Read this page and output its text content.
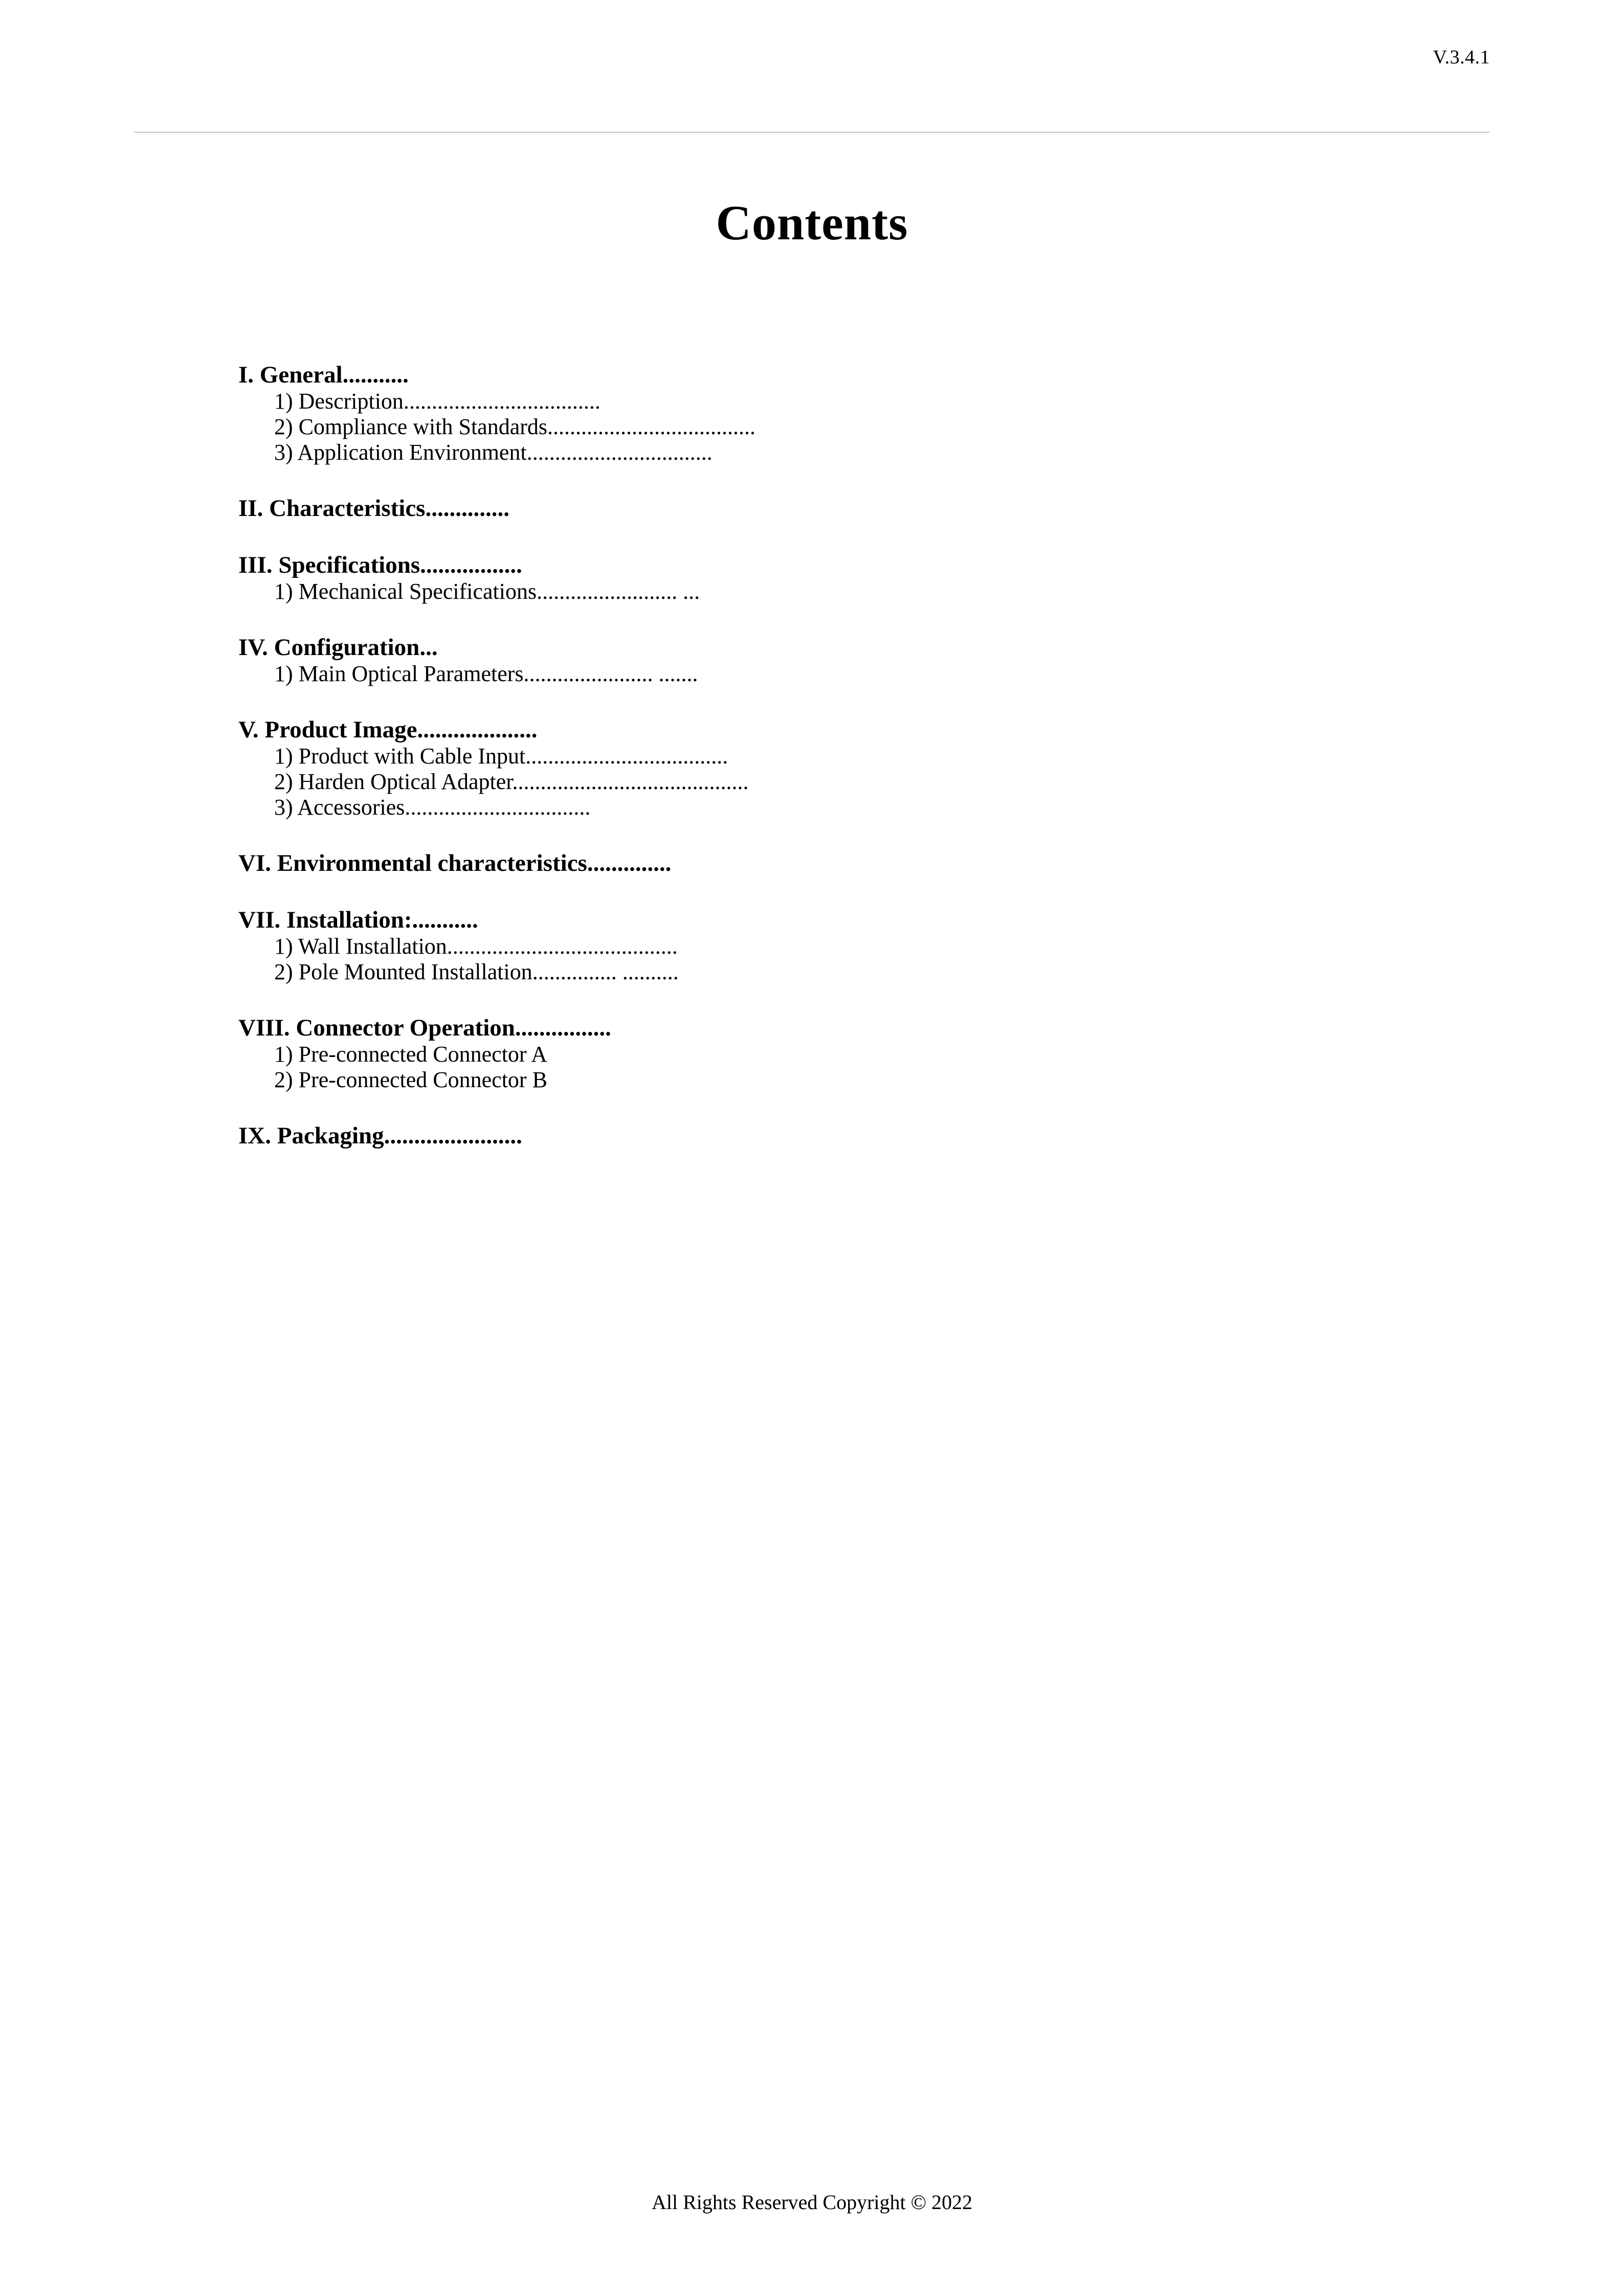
V.3.4.1
Contents
I. General...........
1) Description...................................
2) Compliance with Standards.....................................
3) Application Environment.................................
II. Characteristics..............
III. Specifications.................
1) Mechanical Specifications......................... ...
IV. Configuration...
1) Main Optical Parameters....................... .......
V. Product Image....................
1) Product with Cable Input....................................
2) Harden Optical Adapter..........................................
3) Accessories.................................
VI. Environmental characteristics..............
VII. Installation:...........
1) Wall Installation.........................................
2) Pole Mounted Installation............... ..........
VIII. Connector Operation................
1) Pre-connected Connector A
2) Pre-connected Connector B
IX. Packaging.......................
All Rights Reserved Copyright © 2022
